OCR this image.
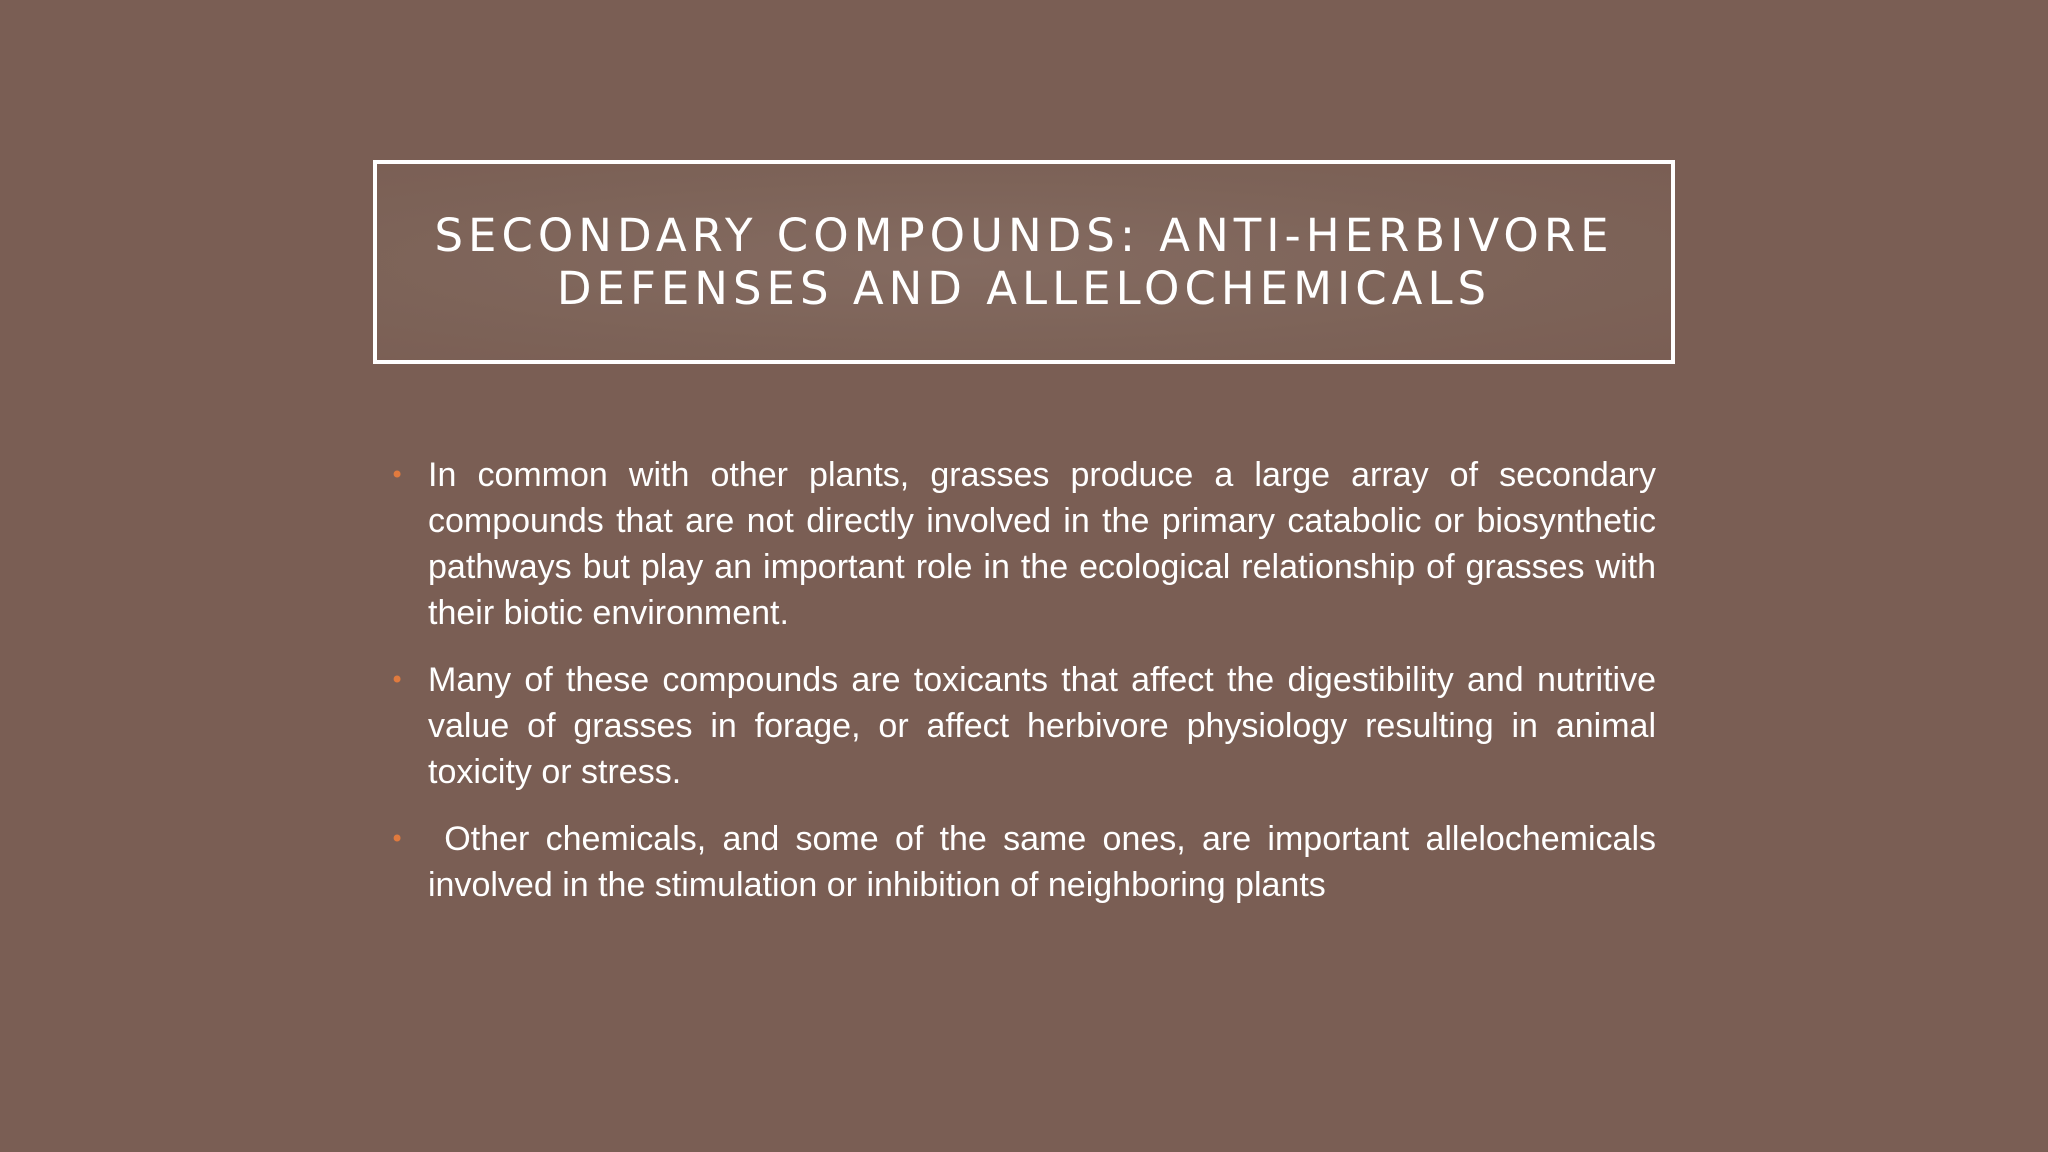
SECONDARY COMPOUNDS: ANTI-HERBIVORE
DEFENSES AND ALLELOCHEMICALS
• In common with other plants, grasses produce a large array of secondary compounds that are not directly involved in the primary catabolic or biosynthetic pathways but play an important role in the ecological relationship of grasses with their biotic environment.
• Many of these compounds are toxicants that affect the digestibility and nutritive value of grasses in forage, or affect herbivore physiology resulting in animal toxicity or stress.
• Other chemicals, and some of the same ones, are important allelochemicals involved in the stimulation or inhibition of neighboring plants
